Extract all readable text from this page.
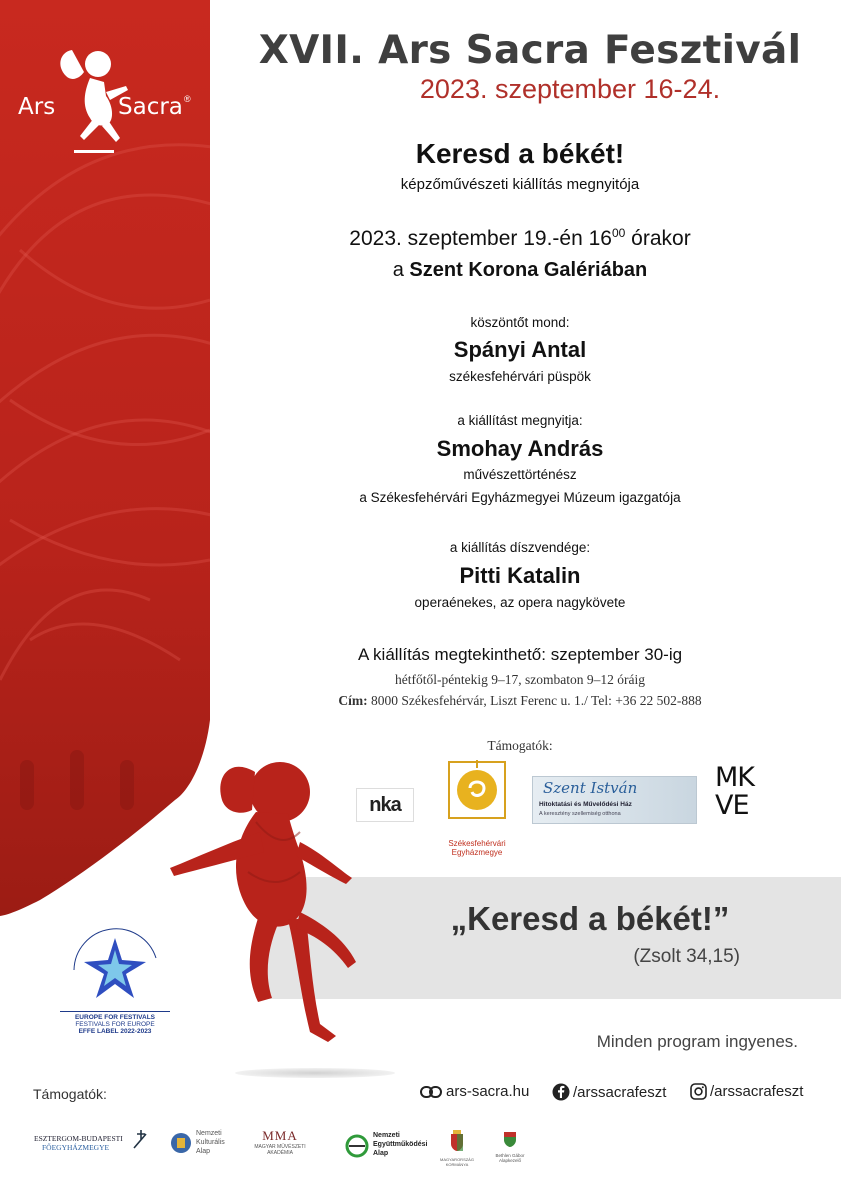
Ars	Sacra ®
XVII. Ars Sacra Fesztivál
2023. szeptember 16-24.
Keresd a békét!
képzőművészeti kiállítás megnyitója
2023. szeptember 19.-én $16^{00}$ órakor
a Szent Korona Galériában
köszöntőt mond:
Spányi Antal
székesfehérvári püspök
a kiállítást megnyitja:
Smohay András
művészettörténész
a Székesfehérvári Egyházmegyei Múzeum igazgatója
a kiállítás díszvendége:
Pitti Katalin
operaénekes, az opera nagykövete
A kiállítás megtekinthető: szeptember 30-ig
hétfőtől-péntekig 9–17, szombaton 9–12 óráig
Cím: 8000 Székesfehérvár, Liszt Ferenc u. 1./ Tel: +36 22 502-888
Támogatók:
nka
Székesfehérvári Egyházmegye
Szent István
Hitoktatási és Művelődési Ház
A keresztény szellemiség otthona
MK
VE
„Keresd a békét!”
(Zsolt 34,15)
EUROPE FOR FESTIVALS
FESTIVALS FOR EUROPE
EFFE LABEL 2022-2023
Minden program ingyenes.
Támogatók:	ars-sacra.hu	/arssacrafeszt	/arssacrafeszt
ESZTERGOM-BUDAPESTI
FŐEGYHÁZMEGYE
Nemzeti
Kulturális
Alap
MMA
MAGYAR MŰVÉSZETI AKADÉMIA
Nemzeti
Együttműködési
Alap
MAGYARORSZÁG KORMÁNYA
Bethlen Gábor
Alapkezelő
